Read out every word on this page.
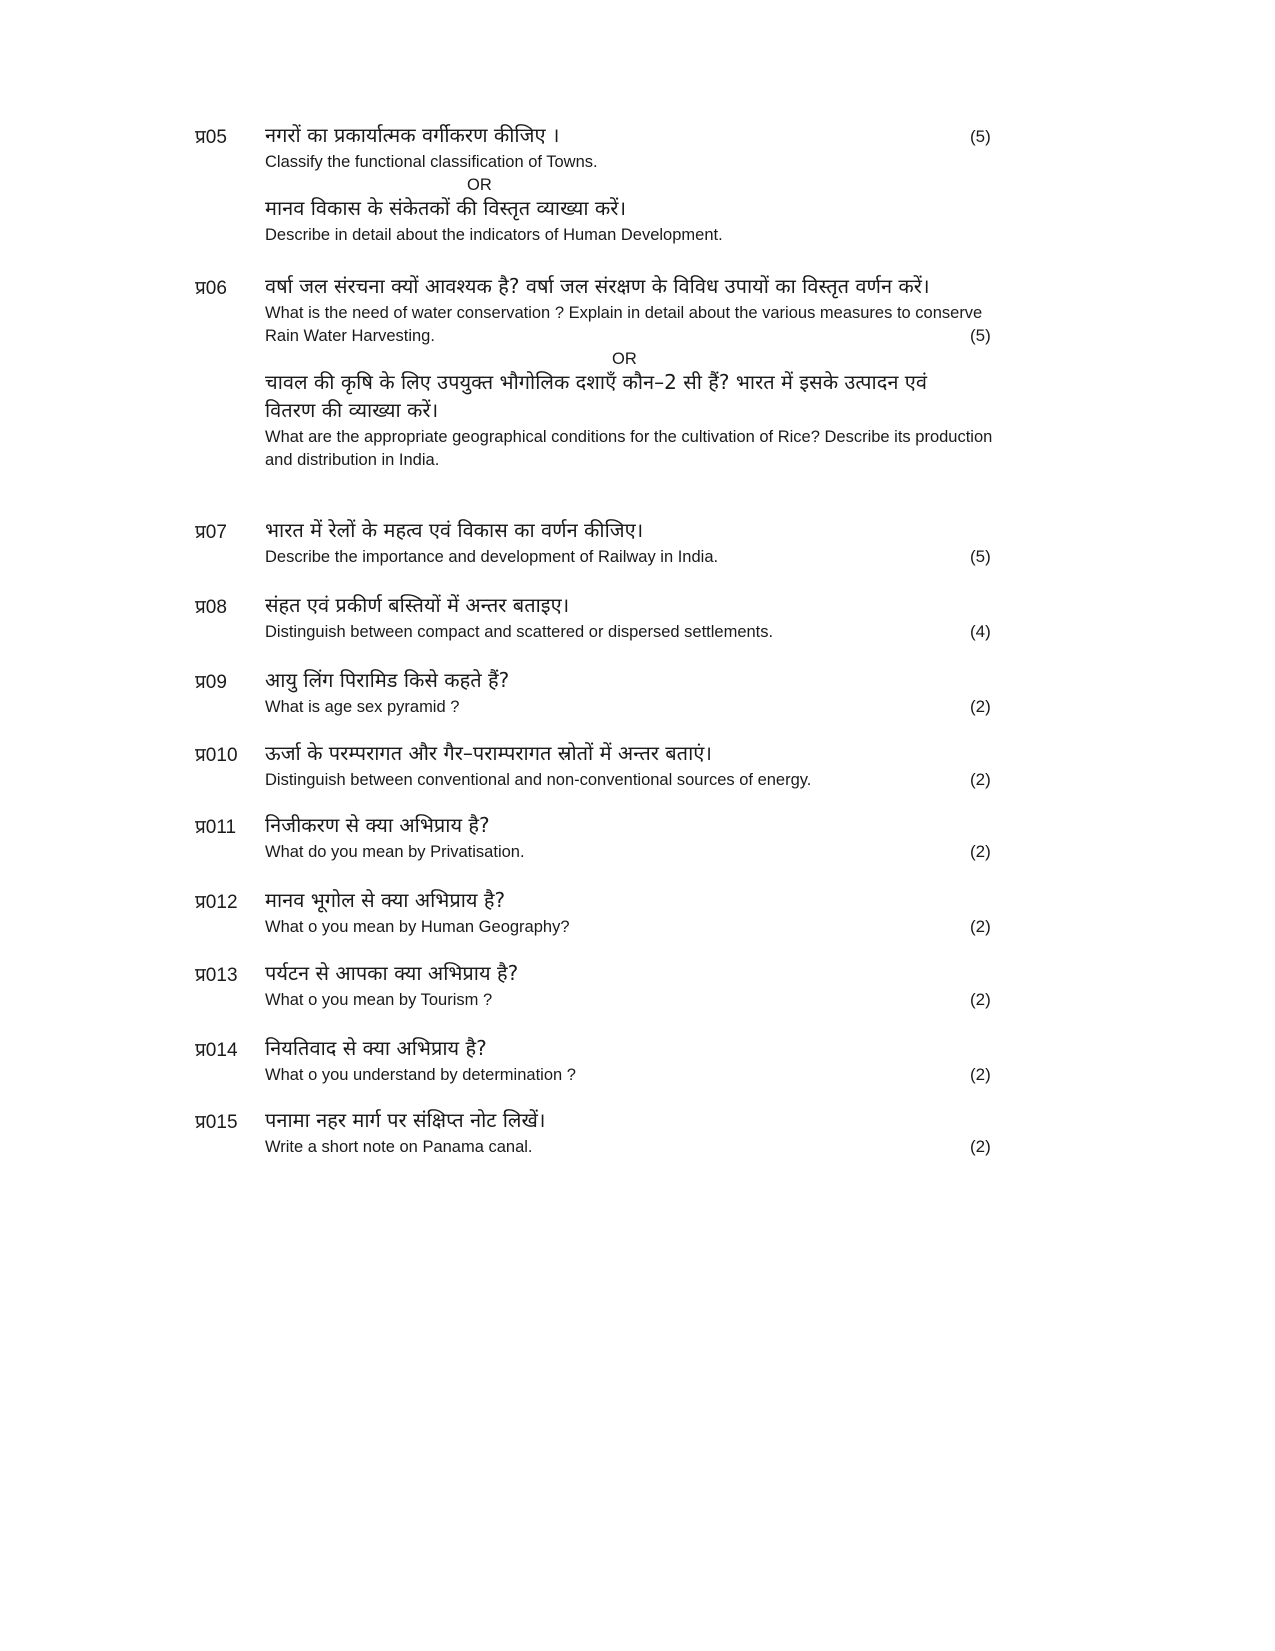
प्र05 नगरों का प्रकार्यात्मक वर्गीकरण कीजिए ।	(5)
Classify the functional classification of Towns.
OR
मानव विकास के संकेतकों की विस्तृत व्याख्या करें।
Describe in detail about the indicators of Human Development.
प्र06 वर्षा जल संरचना क्यों आवश्यक है? वर्षा जल संरक्षण के विविध उपायों का विस्तृत वर्णन करें।
What is the need of water conservation ? Explain in detail about the various measures to conserve
Rain Water Harvesting.	(5)
OR
चावल की कृषि के लिए उपयुक्त भौगोलिक दशाएँ कौन–2 सी हैं? भारत में इसके उत्पादन एवं
वितरण की व्याख्या करें।
What are the appropriate geographical conditions for the cultivation of Rice? Describe its production
and distribution in India.
प्र07 भारत में रेलों के महत्व एवं विकास का वर्णन कीजिए।
Describe the importance and development of Railway in India.	(5)
प्र08 संहत एवं प्रकीर्ण बस्तियों में अन्तर बताइए।
Distinguish between compact and scattered or dispersed settlements.	(4)
प्र09 आयु लिंग पिरामिड किसे कहते हैं?
What is age sex pyramid ?	(2)
प्र010 ऊर्जा के परम्परागत और गैर–पराम्परागत स्रोतों में अन्तर बताएं।
Distinguish between conventional and non-conventional sources of energy.	(2)
प्र011 निजीकरण से क्या अभिप्राय है?
What do you mean by Privatisation.	(2)
प्र012 मानव भूगोल से क्या अभिप्राय है?
What o you mean by Human Geography?	(2)
प्र013 पर्यटन से आपका क्या अभिप्राय है?
What o you mean by Tourism ?	(2)
प्र014 नियतिवाद से क्या अभिप्राय है?
What o you understand by determination ?	(2)
प्र015 पनामा नहर मार्ग पर संक्षिप्त नोट लिखें।
Write a short note on Panama canal.	(2)
